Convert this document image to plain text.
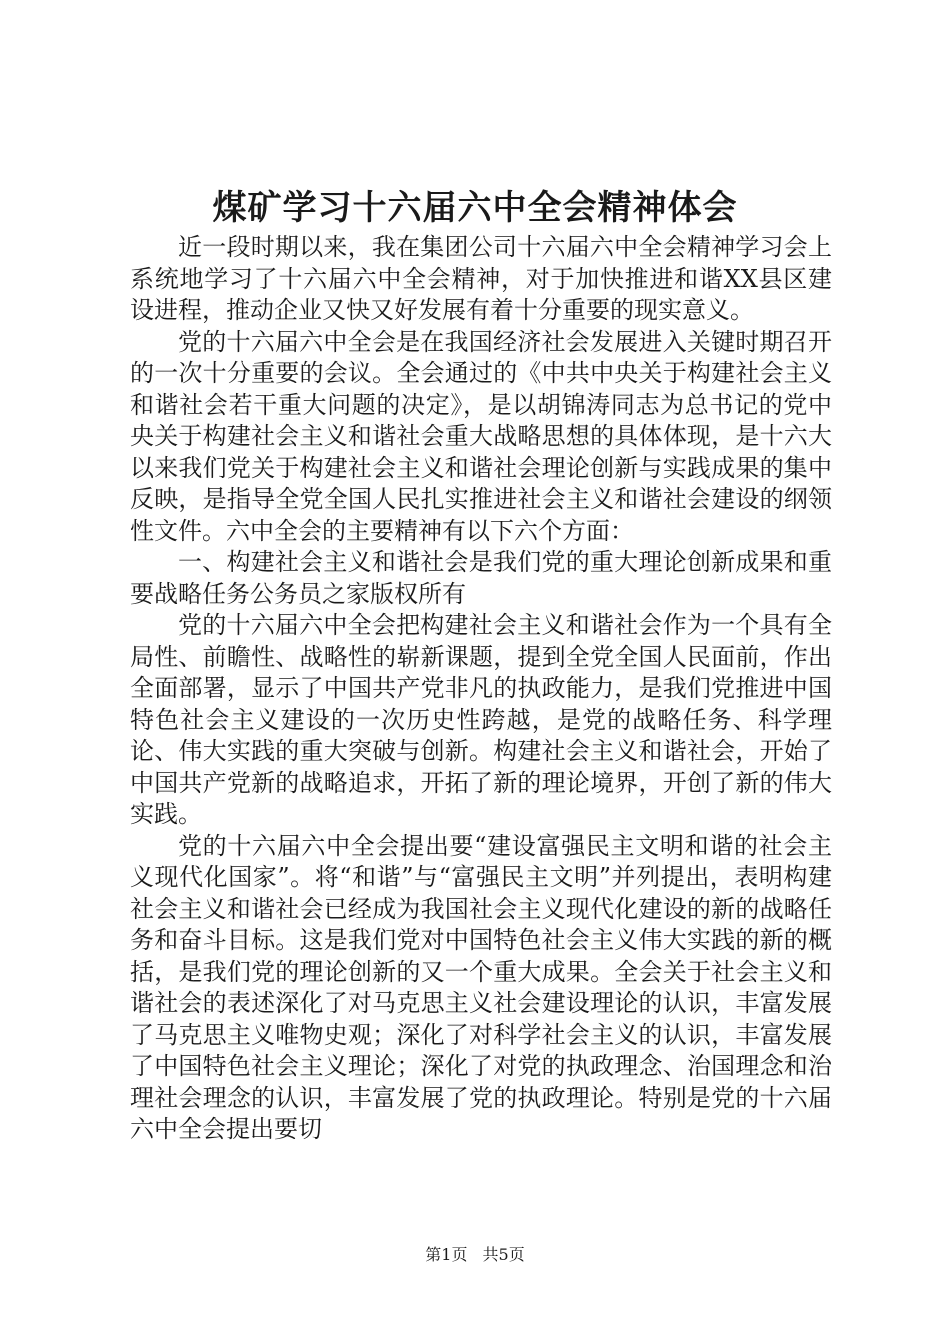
煤矿学习十六届六中全会精神体会

近一段时期以来，我在集团公司十六届六中全会精神学习会上系统地学习了十六届六中全会精神，对于加快推进和谐XX县区建设进程，推动企业又快又好发展有着十分重要的现实意义。

党的十六届六中全会是在我国经济社会发展进入关键时期召开的一次十分重要的会议。全会通过的《中共中央关于构建社会主义和谐社会若干重大问题的决定》，是以胡锦涛同志为总书记的党中央关于构建社会主义和谐社会重大战略思想的具体体现，是十六大以来我们党关于构建社会主义和谐社会理论创新与实践成果的集中反映，是指导全党全国人民扎实推进社会主义和谐社会建设的纲领性文件。六中全会的主要精神有以下六个方面：

一、构建社会主义和谐社会是我们党的重大理论创新成果和重要战略任务公务员之家版权所有

党的十六届六中全会把构建社会主义和谐社会作为一个具有全局性、前瞻性、战略性的崭新课题，提到全党全国人民面前，作出全面部署，显示了中国共产党非凡的执政能力，是我们党推进中国特色社会主义建设的一次历史性跨越，是党的战略任务、科学理论、伟大实践的重大突破与创新。构建社会主义和谐社会，开始了中国共产党新的战略追求，开拓了新的理论境界，开创了新的伟大实践。

党的十六届六中全会提出要“建设富强民主文明和谐的社会主义现代化国家”。将“和谐”与“富强民主文明”并列提出，表明构建社会主义和谐社会已经成为我国社会主义现代化建设的新的战略任务和奋斗目标。这是我们党对中国特色社会主义伟大实践的新的概括，是我们党的理论创新的又一个重大成果。全会关于社会主义和谐社会的表述深化了对马克思主义社会建设理论的认识，丰富发展了马克思主义唯物史观；深化了对科学社会主义的认识，丰富发展了中国特色社会主义理论；深化了对党的执政理念、治国理念和治理社会理念的认识，丰富发展了党的执政理论。特别是党的十六届六中全会提出要切

第1页 共5页
